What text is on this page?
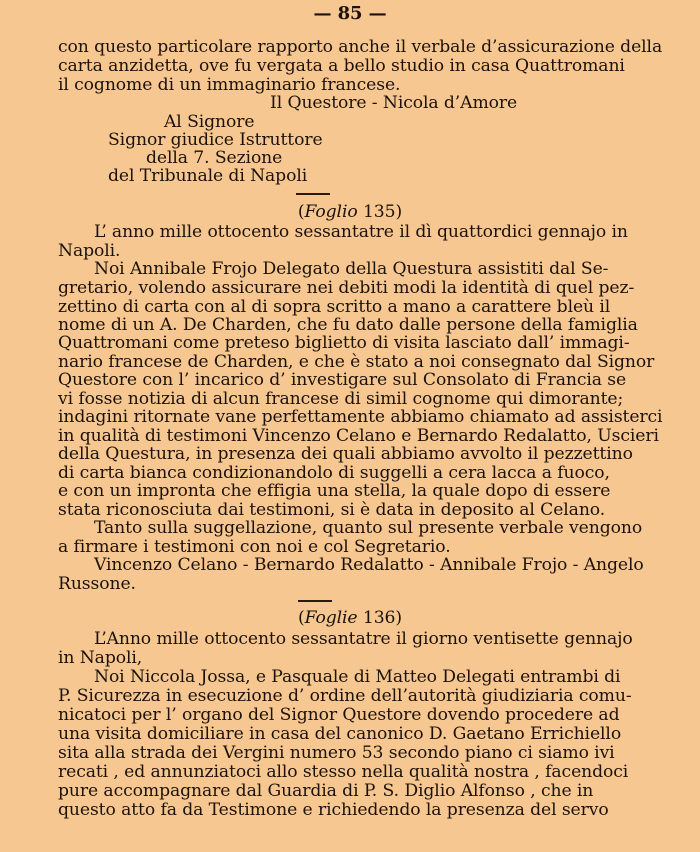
— 85 —
con questo particolare rapporto anche il verbale d’assicurazione della
carta anzidetta, ove fu vergata a bello studio in casa Quattromani
il cognome di un immaginario francese.
Il Questore - Nicola d’Amore
Al Signore
Signor giudice Istruttore
della 7. Sezione
del Tribunale di Napoli
(Foglio 135)
L’ anno mille ottocento sessantatre il dì quattordici gennajo in
Napoli.
Noi Annibale Frojo Delegato della Questura assistiti dal Se-
gretario, volendo assicurare nei debiti modi la identità di quel pez-
zettino di carta con al di sopra scritto a mano a carattere bleù il
nome di un A. De Charden, che fu dato dalle persone della famiglia
Quattromani come preteso biglietto di visita lasciato dall’ immagi-
nario francese de Charden, e che è stato a noi consegnato dal Signor
Questore con l’ incarico d’ investigare sul Consolato di Francia se
vi fosse notizia di alcun francese di simil cognome qui dimorante;
indagini ritornate vane perfettamente abbiamo chiamato ad assisterci
in qualità di testimoni Vincenzo Celano e Bernardo Redalatto, Uscieri
della Questura, in presenza dei quali abbiamo avvolto il pezzettino
di carta bianca condizionandolo di suggelli a cera lacca a fuoco,
e con un impronta che effigia una stella, la quale dopo di essere
stata riconosciuta dai testimoni, si è data in deposito al Celano.
Tanto sulla suggellazione, quanto sul presente verbale vengono
a firmare i testimoni con noi e col Segretario.
Vincenzo Celano - Bernardo Redalatto - Annibale Frojo - Angelo
Russone.
(Foglie 136)
L’Anno mille ottocento sessantatre il giorno ventisette gennajo
in Napoli,
Noi Niccola Jossa, e Pasquale di Matteo Delegati entrambi di
P. Sicurezza in esecuzione d’ ordine dell’autorità giudiziaria comu-
nicatoci per l’ organo del Signor Questore dovendo procedere ad
una visita domiciliare in casa del canonico D. Gaetano Errichiello
sita alla strada dei Vergini numero 53 secondo piano ci siamo ivi
recati , ed annunziatoci allo stesso nella qualità nostra , facendoci
pure accompagnare dal Guardia di P. S. Diglio Alfonso , che in
questo atto fa da Testimone e richiedendo la presenza del servo
